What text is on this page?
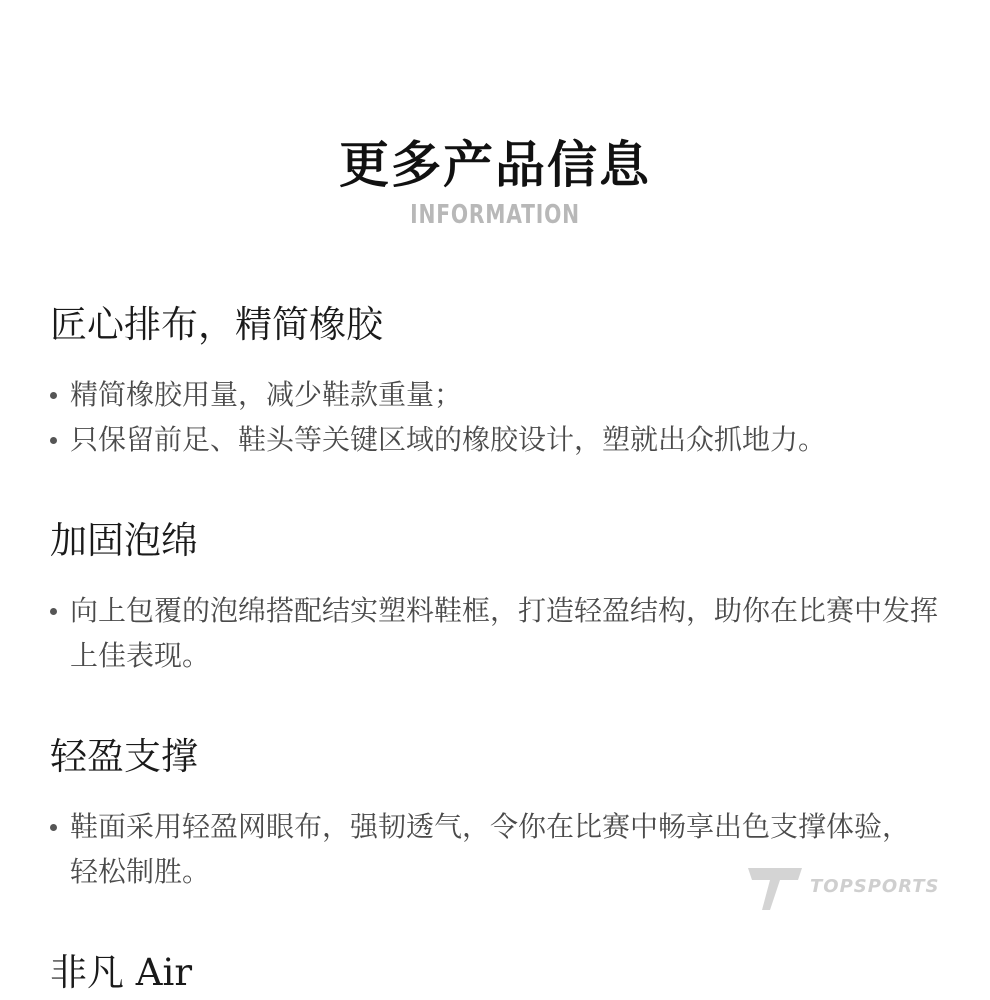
更多产品信息
INFORMATION
匠心排布，精简橡胶
精简橡胶用量，减少鞋款重量；
只保留前足、鞋头等关键区域的橡胶设计，塑就出众抓地力。
加固泡绵
向上包覆的泡绵搭配结实塑料鞋框，打造轻盈结构，助你在比赛中发挥上佳表现。
轻盈支撑
鞋面采用轻盈网眼布，强韧透气，令你在比赛中畅享出色支撑体验，轻松制胜。
非凡 Air
TOPSPORTS
